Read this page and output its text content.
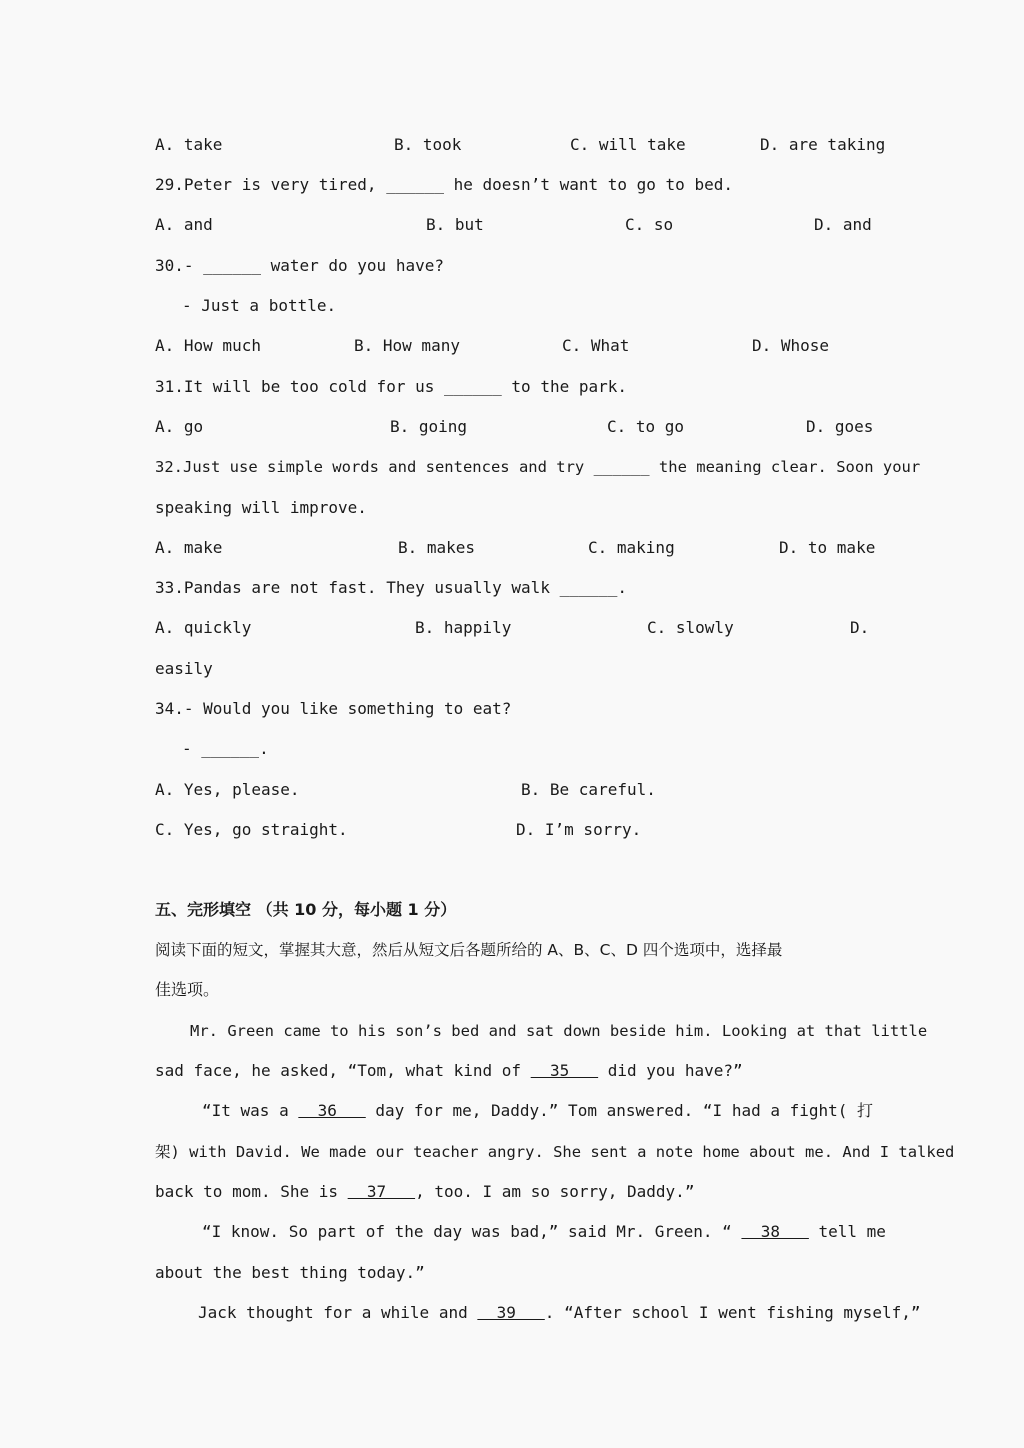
A. take	B. took	C. will take	D. are taking
29.Peter is very tired, ______ he doesn’t want to go to bed.
A. and	B. but	C. so	D. and
30.- ______ water do you have?
- Just a bottle.
A. How much	B. How many	C. What	D. Whose
31.It will be too cold for us ______ to the park.
A. go	B. going	C. to go	D. goes
32.Just use simple words and sentences and try ______ the meaning clear. Soon your
speaking will improve.
A. make	B. makes	C. making	D. to make
33.Pandas are not fast. They usually walk ______.
A. quickly	B. happily	C. slowly	D.
easily
34.- Would you like something to eat?
- ______.
A. Yes, please.	B. Be careful.
C. Yes, go straight.	D. I’m sorry.
五、完形填空 （共 10 分，每小题 1 分）
阅读下面的短文，掌握其大意，然后从短文后各题所给的 A、B、C、D 四个选项中，选择最
佳选项。
Mr. Green came to his son’s bed and sat down beside him. Looking at that little
sad face, he asked, “Tom, what kind of   35    did you have?”
“It was a   36    day for me, Daddy.” Tom answered. “I had a fight( 打
架) with David. We made our teacher angry. She sent a note home about me. And I talked
back to mom. She is   37   , too. I am so sorry, Daddy.”
“I know. So part of the day was bad,” said Mr. Green. “   38    tell me
about the best thing today.”
Jack thought for a while and   39   . “After school I went fishing myself,”
